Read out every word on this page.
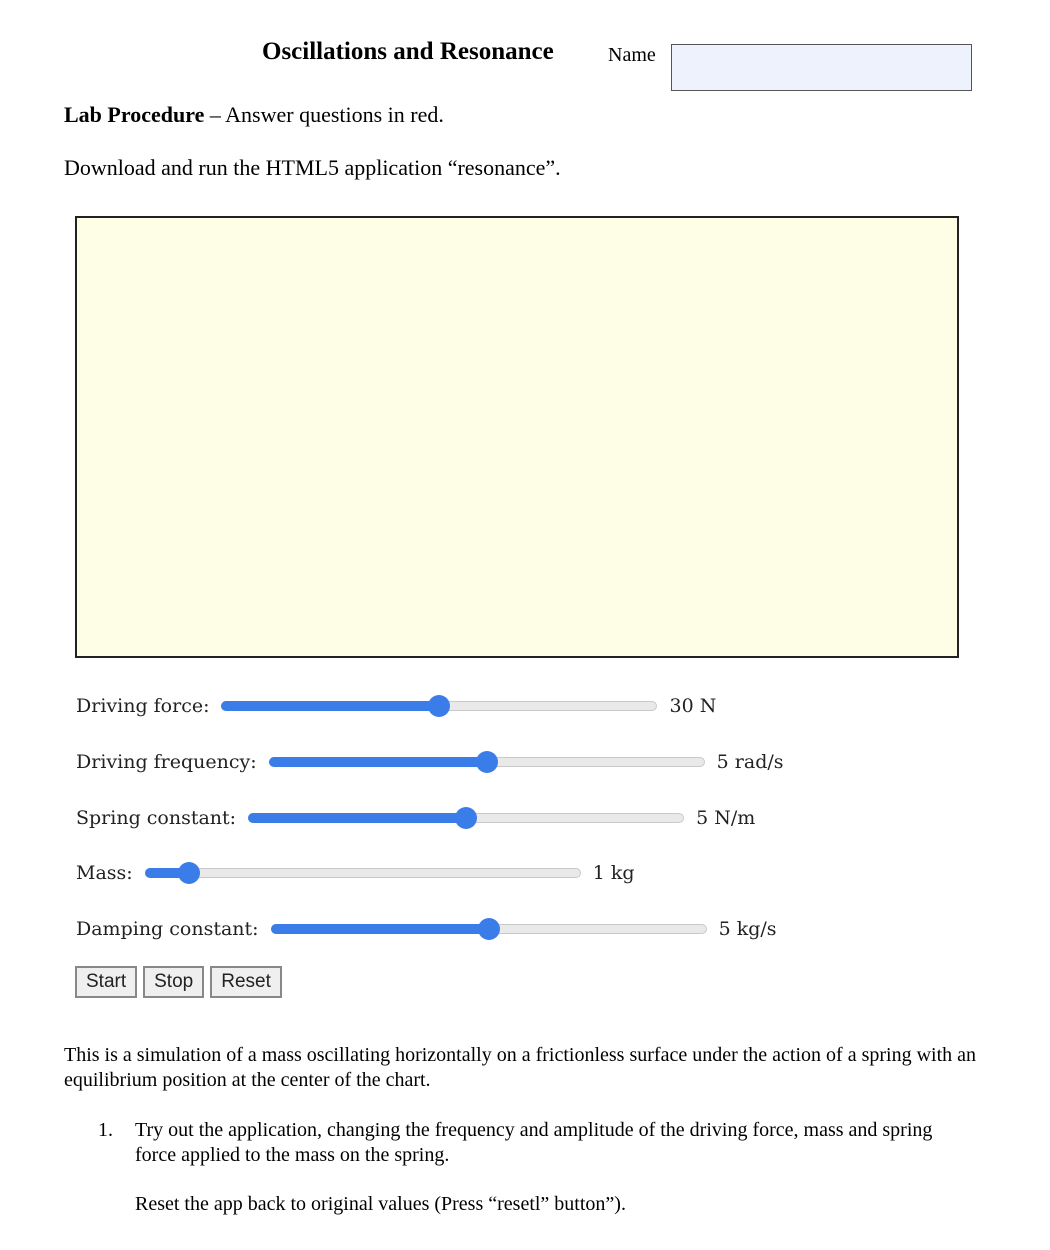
Oscillations and Resonance	Name
Lab Procedure – Answer questions in red.
Download and run the HTML5 application “resonance”.
Driving force:	30 N
Driving frequency:	5 rad/s
Spring constant:	5 N/m
Mass:	1 kg
Damping constant:	5 kg/s
Start	Stop	Reset
This is a simulation of a mass oscillating horizontally on a frictionless surface under the action of a spring with an equilibrium position at the center of the chart.
1. Try out the application, changing the frequency and amplitude of the driving force, mass and spring force applied to the mass on the spring.
Reset the app back to original values (Press “resetl” button”).
